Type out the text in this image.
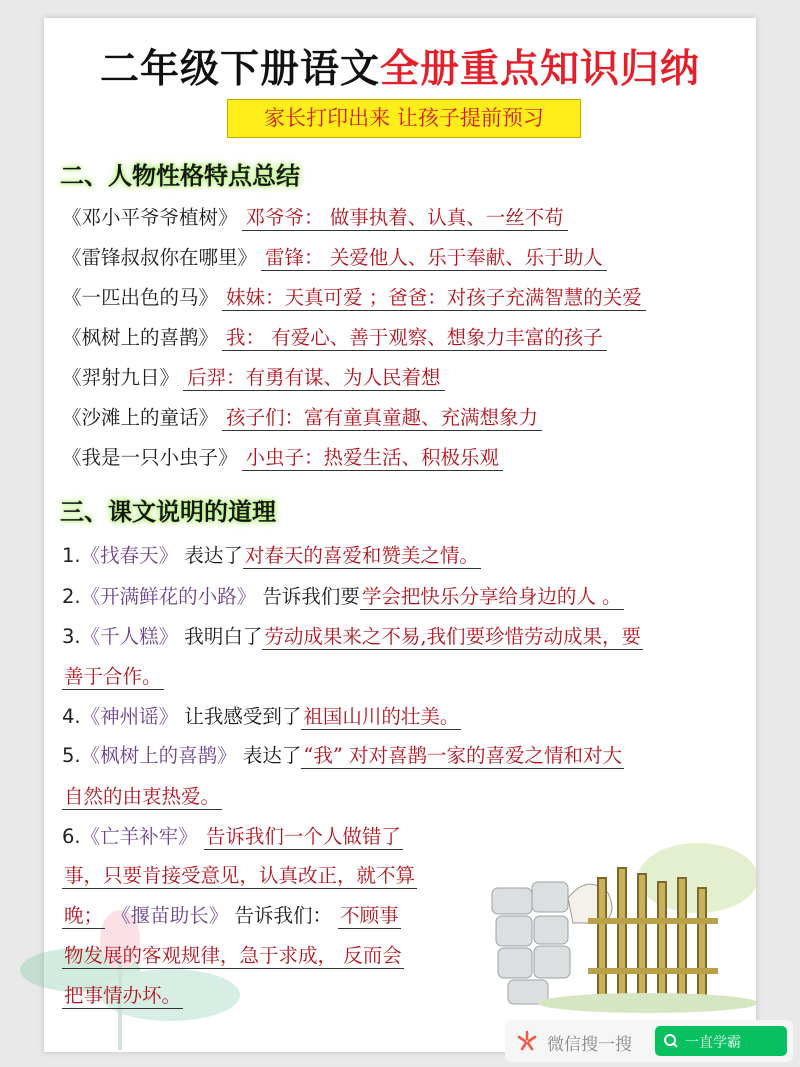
二年级下册语文全册重点知识归纳
家长打印出来 让孩子提前预习
二、人物性格特点总结
《邓小平爷爷植树》 邓爷爷： 做事执着、认真、一丝不苟
《雷锋叔叔你在哪里》 雷锋： 关爱他人、乐于奉献、乐于助人
《一匹出色的马》 妹妹：天真可爱 ；爸爸：对孩子充满智慧的关爱
《枫树上的喜鹊》 我： 有爱心、善于观察、想象力丰富的孩子
《羿射九日》 后羿：有勇有谋、为人民着想
《沙滩上的童话》 孩子们：富有童真童趣、充满想象力
《我是一只小虫子》 小虫子：热爱生活、积极乐观
三、课文说明的道理
1.《找春天》 表达了 对春天的喜爱和赞美之情。
2.《开满鲜花的小路》 告诉我们要 学会把快乐分享给身边的人 。
3.《千人糕》 我明白了 劳动成果来之不易,我们要珍惜劳动成果，要
善于合作。
4.《神州谣》 让我感受到了 祖国山川的壮美。
5.《枫树上的喜鹊》 表达了 “我” 对对喜鹊一家的喜爱之情和对大
自然的由衷热爱。
6.《亡羊补牢》 告诉我们一个人做错了
事，只要肯接受意见，认真改正，就不算
晚； 《揠苗助长》 告诉我们： 不顾事
物发展的客观规律，急于求成， 反而会
把事情办坏。
微信搜一搜	一直学霸
